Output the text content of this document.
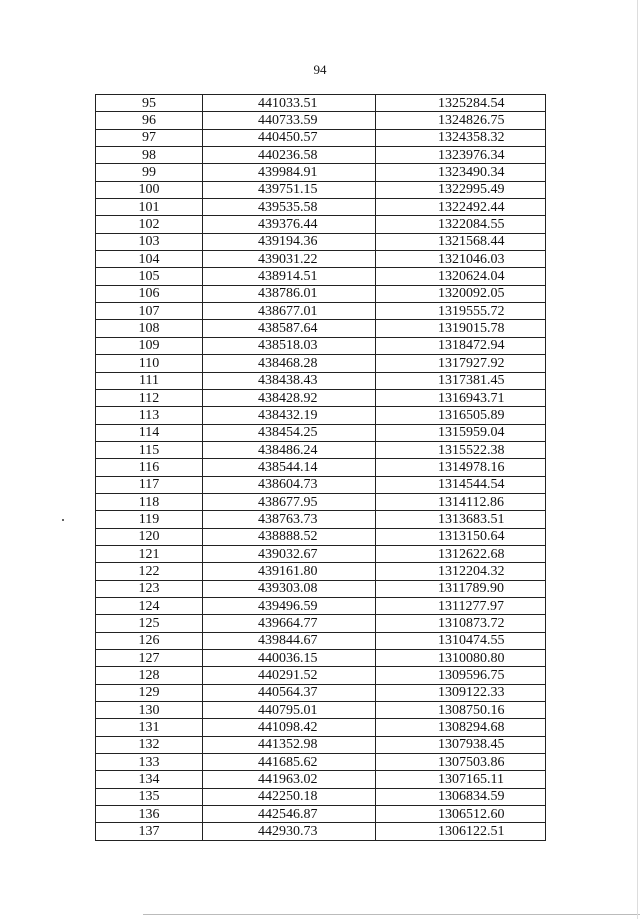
94
95	441033.51	1325284.54
96	440733.59	1324826.75
97	440450.57	1324358.32
98	440236.58	1323976.34
99	439984.91	1323490.34
100	439751.15	1322995.49
101	439535.58	1322492.44
102	439376.44	1322084.55
103	439194.36	1321568.44
104	439031.22	1321046.03
105	438914.51	1320624.04
106	438786.01	1320092.05
107	438677.01	1319555.72
108	438587.64	1319015.78
109	438518.03	1318472.94
110	438468.28	1317927.92
111	438438.43	1317381.45
112	438428.92	1316943.71
113	438432.19	1316505.89
114	438454.25	1315959.04
115	438486.24	1315522.38
116	438544.14	1314978.16
117	438604.73	1314544.54
118	438677.95	1314112.86
119	438763.73	1313683.51
120	438888.52	1313150.64
121	439032.67	1312622.68
122	439161.80	1312204.32
123	439303.08	1311789.90
124	439496.59	1311277.97
125	439664.77	1310873.72
126	439844.67	1310474.55
127	440036.15	1310080.80
128	440291.52	1309596.75
129	440564.37	1309122.33
130	440795.01	1308750.16
131	441098.42	1308294.68
132	441352.98	1307938.45
133	441685.62	1307503.86
134	441963.02	1307165.11
135	442250.18	1306834.59
136	442546.87	1306512.60
137	442930.73	1306122.51
